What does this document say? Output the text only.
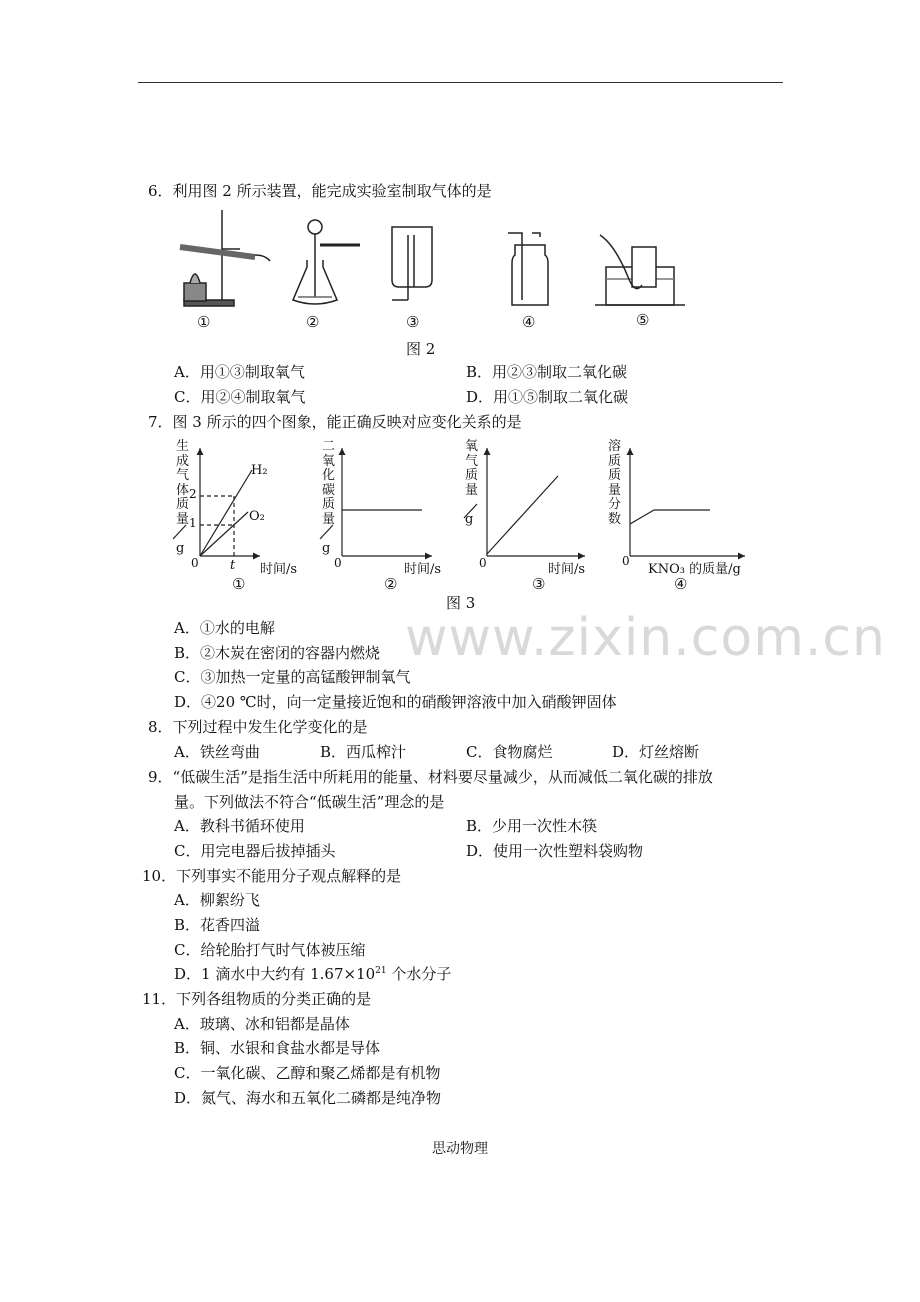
6．利用图 2 所示装置，能完成实验室制取气体的是
①	②	③	④	⑤
图 2
A．用①③制取氧气	B．用②③制取二氧化碳
C．用②④制取氧气	D．用①⑤制取二氧化碳
7．图 3 所示的四个图象，能正确反映对应变化关系的是
生
成
气
体
质
量
g
2
1
0 t 时间/s
H₂
O₂
①
二
氧
化
碳
质
量
g
0	时间/s
②
氧
气
质
量
g
0	时间/s
③
溶
质
质
量
分
数
0
KNO₃ 的质量/g
④
图 3
www.zixin.com.cn
A．①水的电解
B．②木炭在密闭的容器内燃烧
C．③加热一定量的高锰酸钾制氧气
D．④20 ℃时，向一定量接近饱和的硝酸钾溶液中加入硝酸钾固体
8．下列过程中发生化学变化的是
A．铁丝弯曲	B．西瓜榨汁	C．食物腐烂	D．灯丝熔断
9．“低碳生活”是指生活中所耗用的能量、材料要尽量减少，从而减低二氧化碳的排放
量。下列做法不符合“低碳生活”理念的是
A．教科书循环使用	B．少用一次性木筷
C．用完电器后拔掉插头	D．使用一次性塑料袋购物
10．下列事实不能用分子观点解释的是
A．柳絮纷飞
B．花香四溢
C．给轮胎打气时气体被压缩
D．1 滴水中大约有 $1.67\times 10^{21}$ 个水分子
11．下列各组物质的分类正确的是
A．玻璃、冰和铝都是晶体
B．铜、水银和食盐水都是导体
C．一氧化碳、乙醇和聚乙烯都是有机物
D．氮气、海水和五氧化二磷都是纯净物
思动物理
